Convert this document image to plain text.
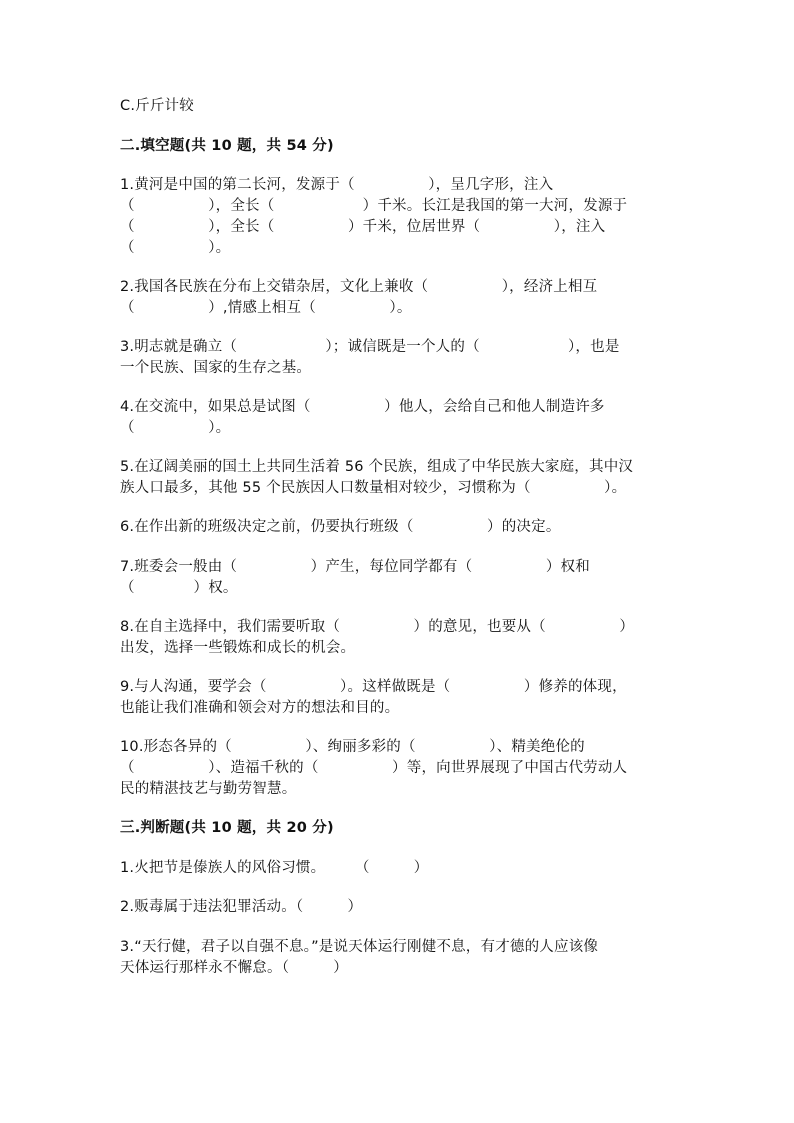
C.斤斤计较
二.填空题(共 10 题，共 54 分)
1.黄河是中国的第二长河，发源于（　　　　　），呈几字形，注入
（　　　　　），全长（　　　　　　）千米。长江是我国的第一大河，发源于
（　　　　　），全长（　　　　　）千米，位居世界（　　　　　），注入
（　　　　　）。
2.我国各民族在分布上交错杂居，文化上兼收（　　　　　），经济上相互
（　　　　　）,情感上相互（　　　　　）。
3.明志就是确立（　　　　　　）；诚信既是一个人的（　　　　　　），也是
一个民族、国家的生存之基。
4.在交流中，如果总是试图（　　　　　）他人，会给自己和他人制造许多
（　　　　　）。
5.在辽阔美丽的国土上共同生活着 56 个民族，组成了中华民族大家庭，其中汉
族人口最多，其他 55 个民族因人口数量相对较少，习惯称为（　　　　　）。
6.在作出新的班级决定之前，仍要执行班级（　　　　　）的决定。
7.班委会一般由（　　　　　）产生，每位同学都有（　　　　　）权和
（　　　　）权。
8.在自主选择中，我们需要听取（　　　　　）的意见，也要从（　　　　　）
出发，选择一些锻炼和成长的机会。
9.与人沟通，要学会（　　　　　）。这样做既是（　　　　　）修养的体现，
也能让我们准确和领会对方的想法和目的。
10.形态各异的（　　　　　）、绚丽多彩的（　　　　　）、精美绝伦的
（　　　　　）、造福千秋的（　　　　　）等，向世界展现了中国古代劳动人
民的精湛技艺与勤劳智慧。
三.判断题(共 10 题，共 20 分)
1.火把节是傣族人的风俗习惯。　　　（　　　）
2.贩毒属于违法犯罪活动。（　　　）
3.“天行健，君子以自强不息。”是说天体运行刚健不息，有才德的人应该像
天体运行那样永不懈怠。（　　　）
